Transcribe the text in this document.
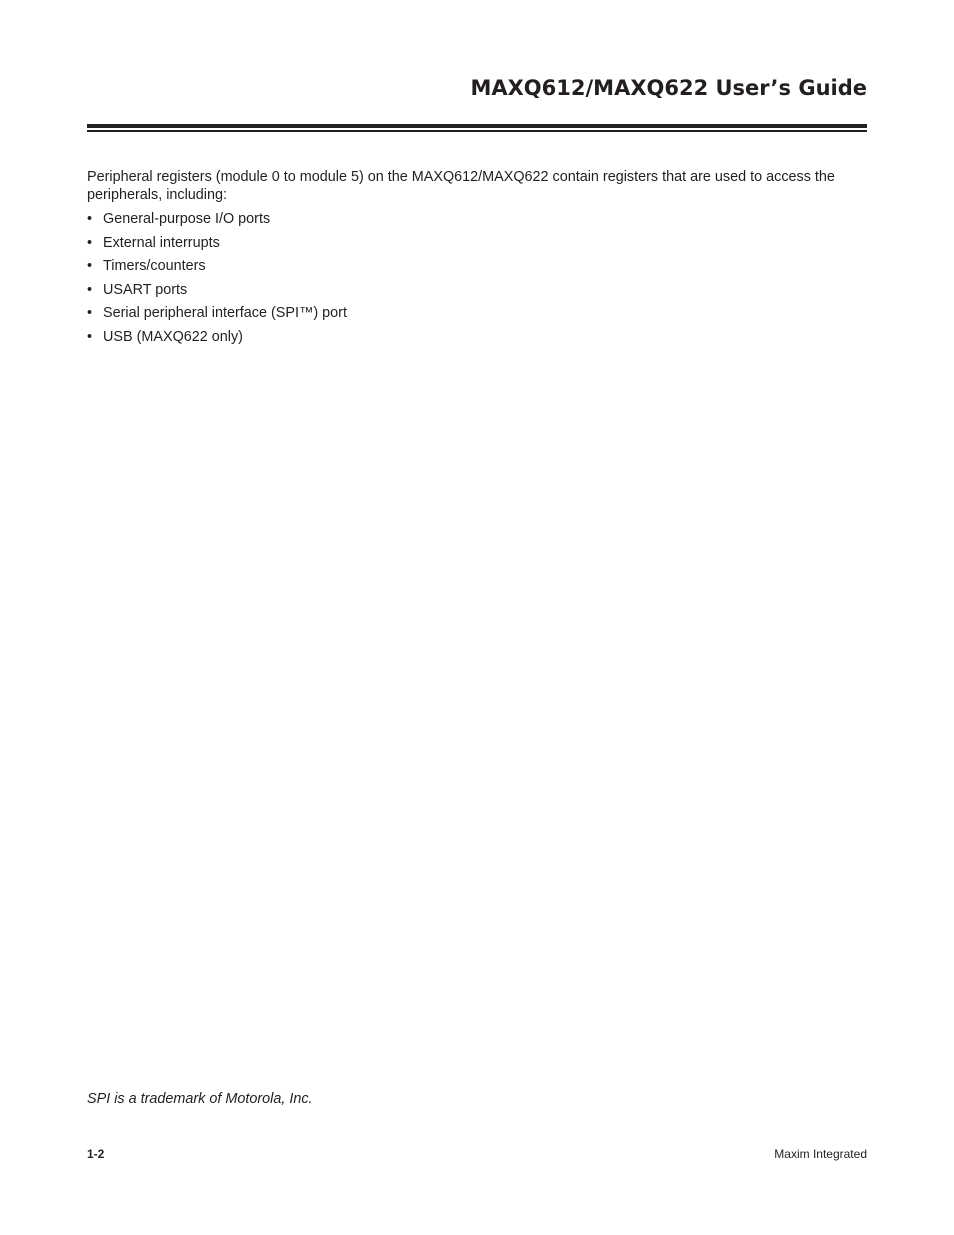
MAXQ612/MAXQ622 User’s Guide

Peripheral registers (module 0 to module 5) on the MAXQ612/MAXQ622 contain registers that are used to access the peripherals, including:

• General-purpose I/O ports
• External interrupts
• Timers/counters
• USART ports
• Serial peripheral interface (SPI™) port
• USB (MAXQ622 only)

SPI is a trademark of Motorola, Inc.

1-2	Maxim Integrated
